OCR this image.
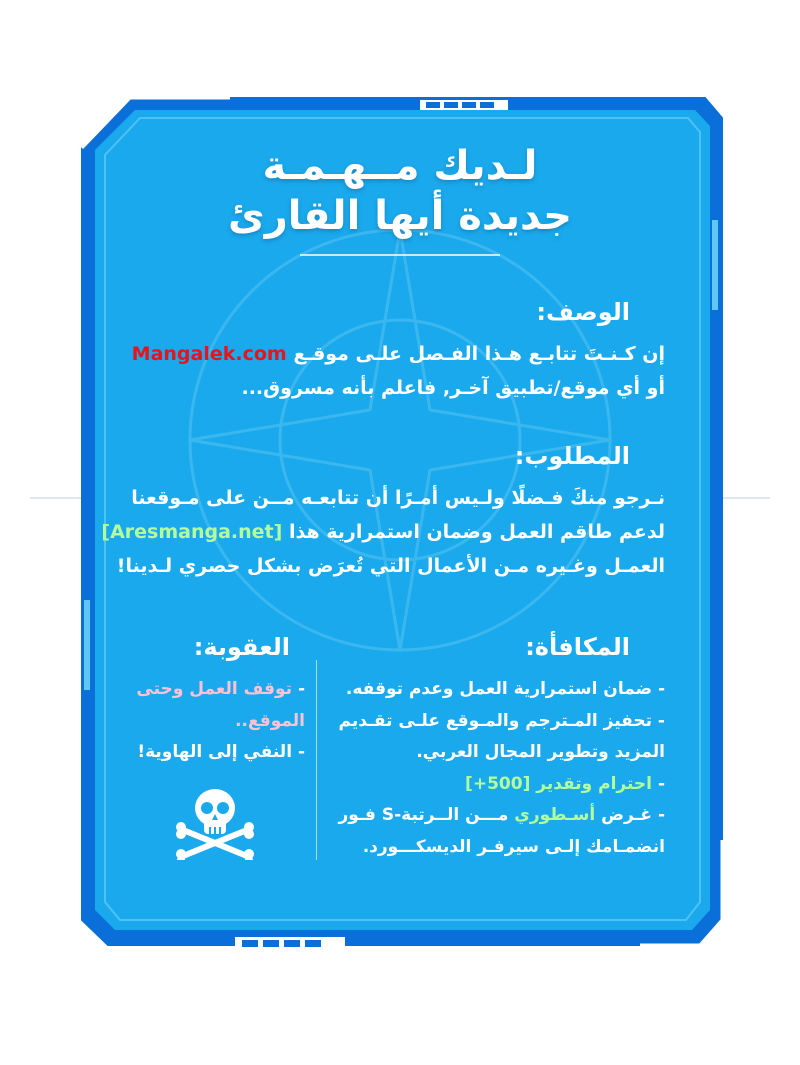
لـديك مــهـمـة
جديدة أيها القارئ
الوصف:
إن كـنـتَ تتابـع هـذا الفـصل علـى موقـع Mangalek.com
أو أي موقع/تطبيق آخـر, فاعلم بأنه مسروق...
المطلوب:
نـرجو منكَ فـضلًا ولـيس أمـرًا أن تتابعـه مــن على مـوقعنا
لدعم طاقم العمل وضمان استمرارية هذا [Aresmanga.net]
العمـل وغـيره مـن الأعمال التي تُعرَض بشكل حصري لـدينا!
المكافأة:
- ضمان استمرارية العمل وعدم توقفه.
- تحفيز المـترجم والمـوقع علـى تقـديم
المزيد وتطوير المجال العربي.
- احترام وتقدير [500+]
- غـرض أسـطوري مـــن الــرتبة-S فـور
انضمـامك إلـى سيرفـر الديسكـــورد.
العقوبة:
- توقف العمل وحتى
الموقع..
- النفي إلى الهاوية!
